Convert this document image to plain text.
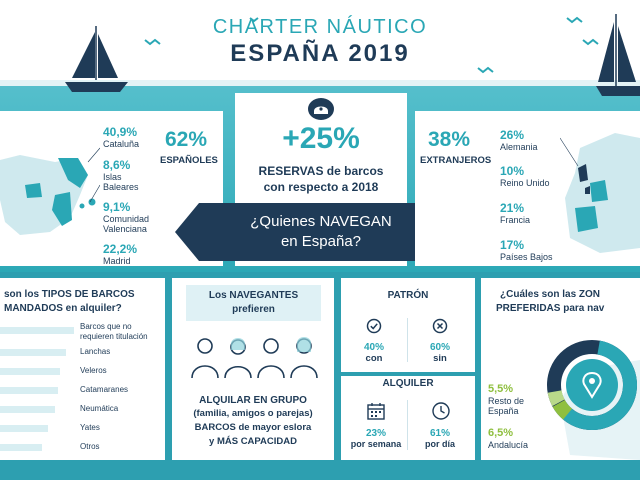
CHARTER NÁUTICO
ESPAÑA 2019
40,9%
Cataluña
8,6%
Islas
Baleares
9,1%
Comunidad
Valenciana
22,2%
Madrid
62%
ESPAÑOLES
+25%
RESERVAS de barcos
con respecto a 2018
¿Quienes NAVEGAN
en España?
38%
EXTRANJEROS
26%
Alemania
10%
Reino Unido
21%
Francia
17%
Países Bajos
son los TIPOS DE BARCOS
MANDADOS en alquiler?
Barcos que no
requieren titulación
Lanchas
Veleros
Catamaranes
Neumática
Yates
Otros
Los NAVEGANTES
prefieren
ALQUILAR EN GRUPO
(familia, amigos o parejas)
BARCOS de mayor eslora
y MÁS CAPACIDAD
PATRÓN
40%
con
60%
sin
ALQUILER
23%
por semana
61%
por día
¿Cuáles son las ZON
PREFERIDAS para nav
5,5%
Resto de
España
6,5%
Andalucía
